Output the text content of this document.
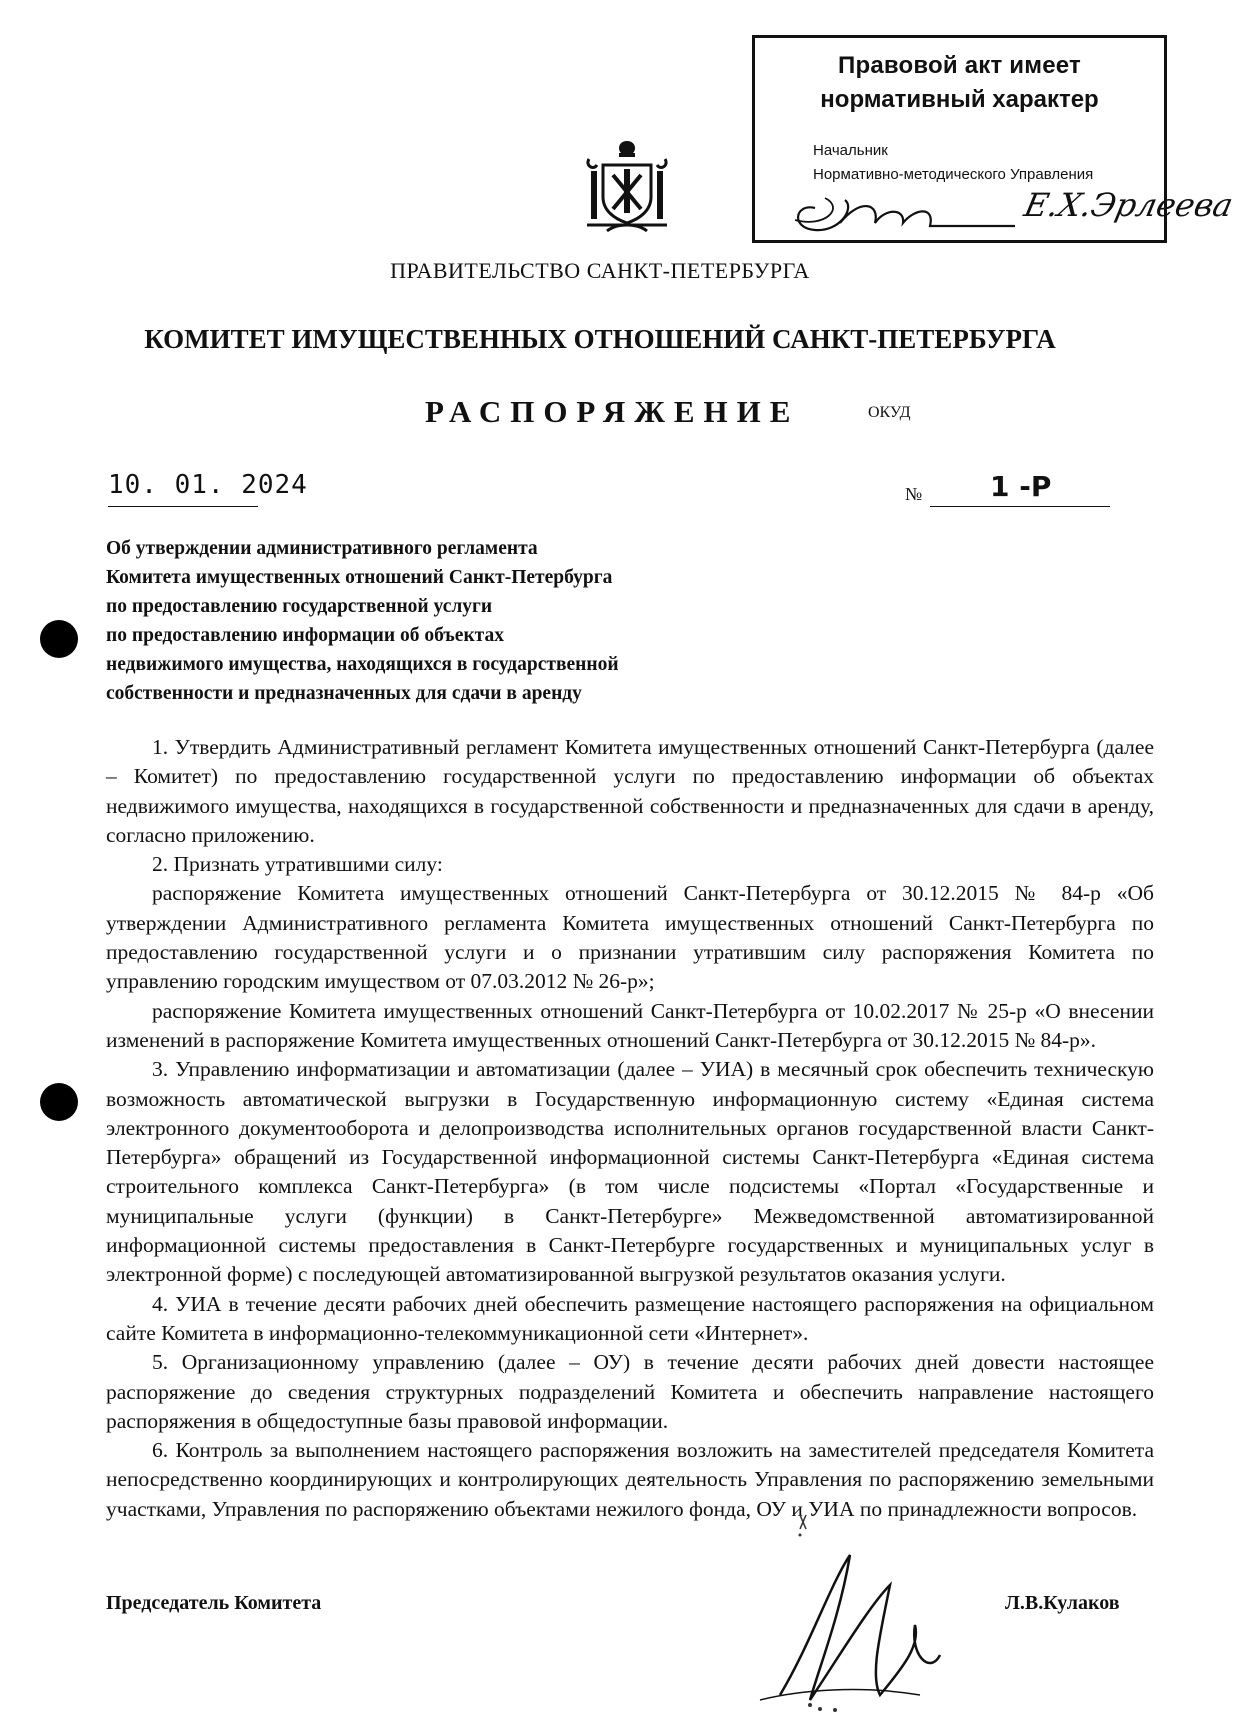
Правовой акт имеет
нормативный характер
Начальник
Нормативно-методического Управления
Е.Х.Эрлеева
ПРАВИТЕЛЬСТВО САНКТ-ПЕТЕРБУРГА
КОМИТЕТ ИМУЩЕСТВЕННЫХ ОТНОШЕНИЙ САНКТ-ПЕТЕРБУРГА
РАСПОРЯЖЕНИЕ	ОКУД
10. 01. 2024	№ 1 -Р
Об утверждении административного регламента
Комитета имущественных отношений Санкт-Петербурга
по предоставлению государственной услуги
по предоставлению информации об объектах
недвижимого имущества, находящихся в государственной
собственности и предназначенных для сдачи в аренду

1. Утвердить Административный регламент Комитета имущественных отношений Санкт-Петербурга (далее – Комитет) по предоставлению государственной услуги по предоставлению информации об объектах недвижимого имущества, находящихся в государственной собственности и предназначенных для сдачи в аренду, согласно приложению.

2. Признать утратившими силу:

распоряжение Комитета имущественных отношений Санкт-Петербурга от 30.12.2015 № 84-р «Об утверждении Административного регламента Комитета имущественных отношений Санкт-Петербурга по предоставлению государственной услуги и о признании утратившим силу распоряжения Комитета по управлению городским имуществом от 07.03.2012 № 26-р»;

распоряжение Комитета имущественных отношений Санкт-Петербурга от 10.02.2017 № 25-р «О внесении изменений в распоряжение Комитета имущественных отношений Санкт-Петербурга от 30.12.2015 № 84-р».

3. Управлению информатизации и автоматизации (далее – УИА) в месячный срок обеспечить техническую возможность автоматической выгрузки в Государственную информационную систему «Единая система электронного документооборота и делопроизводства исполнительных органов государственной власти Санкт-Петербурга» обращений из Государственной информационной системы Санкт-Петербурга «Единая система строительного комплекса Санкт-Петербурга» (в том числе подсистемы «Портал «Государственные и муниципальные услуги (функции) в Санкт-Петербурге» Межведомственной автоматизированной информационной системы предоставления в Санкт-Петербурге государственных и муниципальных услуг в электронной форме) с последующей автоматизированной выгрузкой результатов оказания услуги.

4. УИА в течение десяти рабочих дней обеспечить размещение настоящего распоряжения на официальном сайте Комитета в информационно-телекоммуникационной сети «Интернет».

5. Организационному управлению (далее – ОУ) в течение десяти рабочих дней довести настоящее распоряжение до сведения структурных подразделений Комитета и обеспечить направление настоящего распоряжения в общедоступные базы правовой информации.

6. Контроль за выполнением настоящего распоряжения возложить на заместителей председателя Комитета непосредственно координирующих и контролирующих деятельность Управления по распоряжению земельными участками, Управления по распоряжению объектами нежилого фонда, ОУ и УИА по принадлежности вопросов.

Председатель Комитета	Л.В.Кулаков
